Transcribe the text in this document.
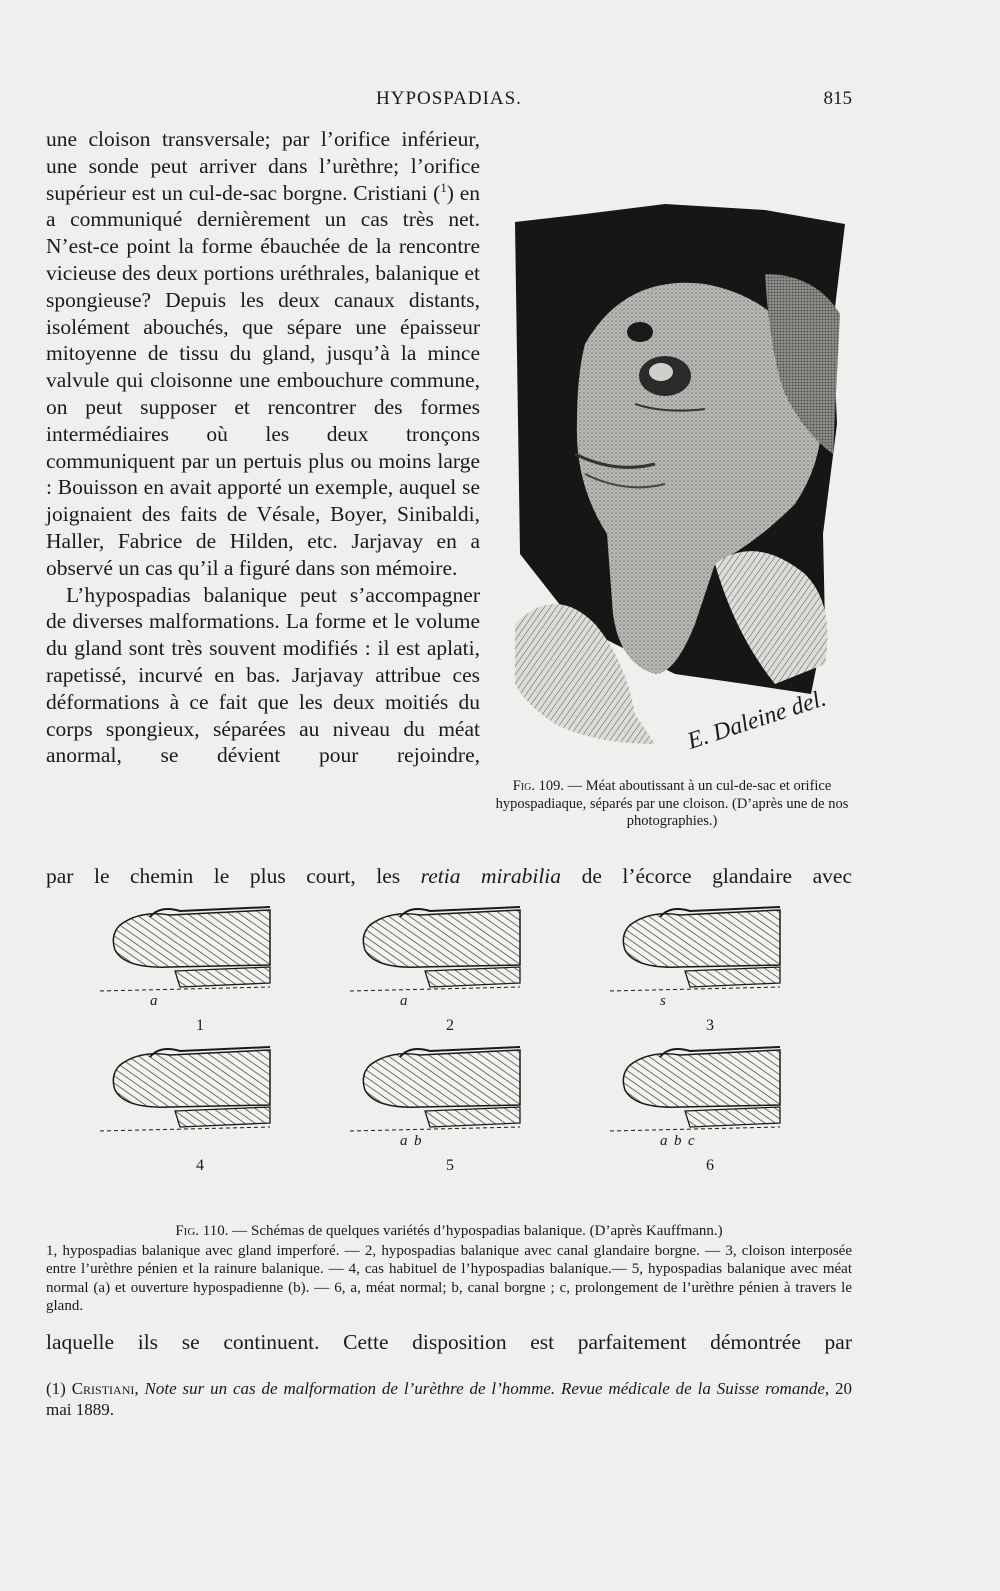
HYPOSPADIAS.	815

une cloison transversale; par l’orifice inférieur, une sonde peut arriver dans l’urèthre; l’orifice supérieur est un cul-de-sac borgne. Cristiani ($^1$) en a communiqué dernièrement un cas très net. N’est-ce point la forme ébauchée de la rencontre vicieuse des deux portions uréthrales, balanique et spongieuse? Depuis les deux canaux distants, isolément abouchés, que sépare une épaisseur mitoyenne de tissu du gland, jusqu’à la mince valvule qui cloisonne une embouchure commune, on peut supposer et rencontrer des formes intermédiaires où les deux tronçons communiquent par un pertuis plus ou moins large : Bouisson en avait apporté un exemple, auquel se joignaient des faits de Vésale, Boyer, Sinibaldi, Haller, Fabrice de Hilden, etc. Jarjavay en a observé un cas qu’il a figuré dans son mémoire.

L’hypospadias balanique peut s’accompagner de diverses malformations. La forme et le volume du gland sont très souvent modifiés : il est aplati, rapetissé, incurvé en bas. Jarjavay attribue ces déformations à ce fait que les deux moitiés du corps spongieux, séparées au niveau du méat anormal, se dévient pour rejoindre,

par le chemin le plus court, les retia mirabilia de l’écorce glandaire avec

E. Daleine del.
Fig. 109. — Méat aboutissant à un cul-de-sac et orifice hypospadiaque, séparés par une cloison. (D’après une de nos photographies.)
1
a
2
a
3
s
4	5
a b
6
a b c
Fig. 110. — Schémas de quelques variétés d’hypospadias balanique. (D’après Kauffmann.)
1, hypospadias balanique avec gland imperforé. — 2, hypospadias balanique avec canal glandaire borgne. — 3, cloison interposée entre l’urèthre pénien et la rainure balanique. — 4, cas habituel de l’hypospadias balanique.— 5, hypospadias balanique avec méat normal (a) et ouverture hypospadienne (b). — 6, a, méat normal; b, canal borgne ; c, prolongement de l’urèthre pénien à travers le gland.

laquelle ils se continuent. Cette disposition est parfaitement démontrée par

(1) Cristiani, Note sur un cas de malformation de l’urèthre de l’homme. Revue médicale de la Suisse romande, 20 mai 1889.
